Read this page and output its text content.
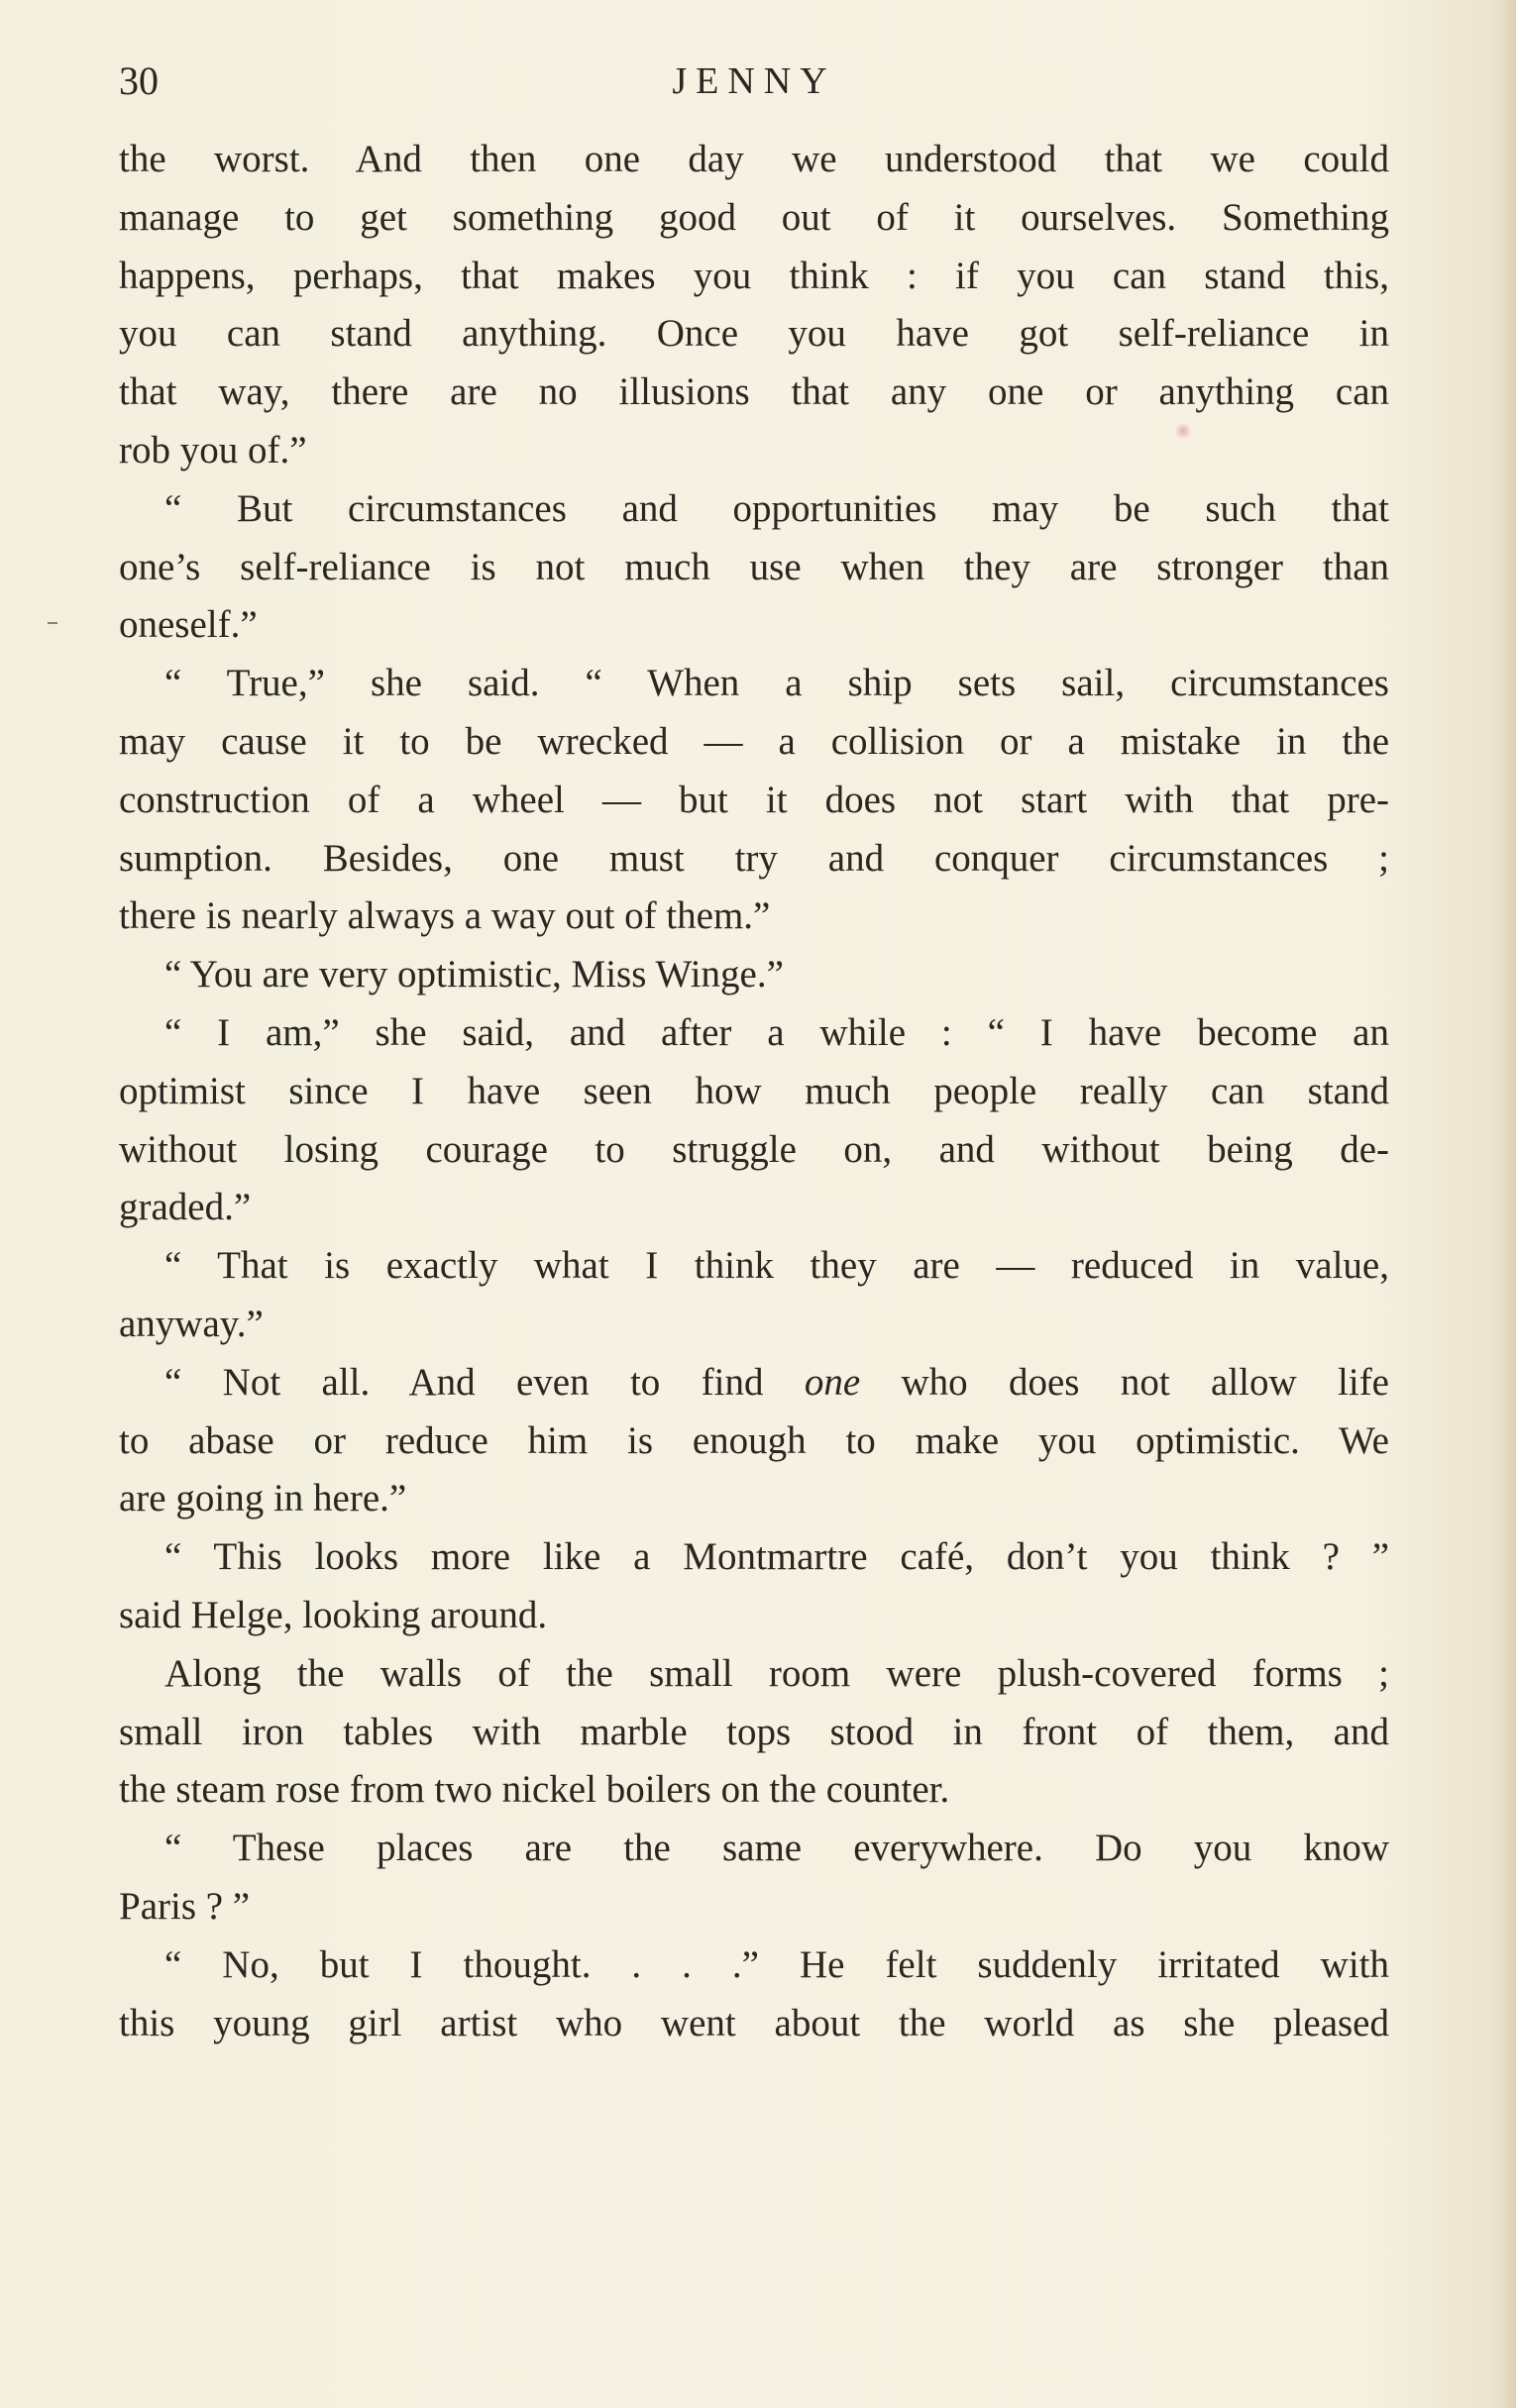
30	JENNY
the worst. And then one day we understood that we could
manage to get something good out of it ourselves. Something
happens, perhaps, that makes you think : if you can stand this,
you can stand anything. Once you have got self-reliance in
that way, there are no illusions that any one or anything can
rob you of.”
“ But circumstances and opportunities may be such that
one’s self-reliance is not much use when they are stronger than
oneself.”
“ True,” she said. “ When a ship sets sail, circumstances
may cause it to be wrecked — a collision or a mistake in the
construction of a wheel — but it does not start with that pre-
sumption. Besides, one must try and conquer circumstances ;
there is nearly always a way out of them.”
“ You are very optimistic, Miss Winge.”
“ I am,” she said, and after a while : “ I have become an
optimist since I have seen how much people really can stand
without losing courage to struggle on, and without being de-
graded.”
“ That is exactly what I think they are — reduced in value,
anyway.”
“ Not all. And even to find one who does not allow life
to abase or reduce him is enough to make you optimistic. We
are going in here.”
“ This looks more like a Montmartre café, don’t you think ? ”
said Helge, looking around.
Along the walls of the small room were plush-covered forms ;
small iron tables with marble tops stood in front of them, and
the steam rose from two nickel boilers on the counter.
“ These places are the same everywhere. Do you know
Paris ? ”
“ No, but I thought. . . .” He felt suddenly irritated with
this young girl artist who went about the world as she pleased
